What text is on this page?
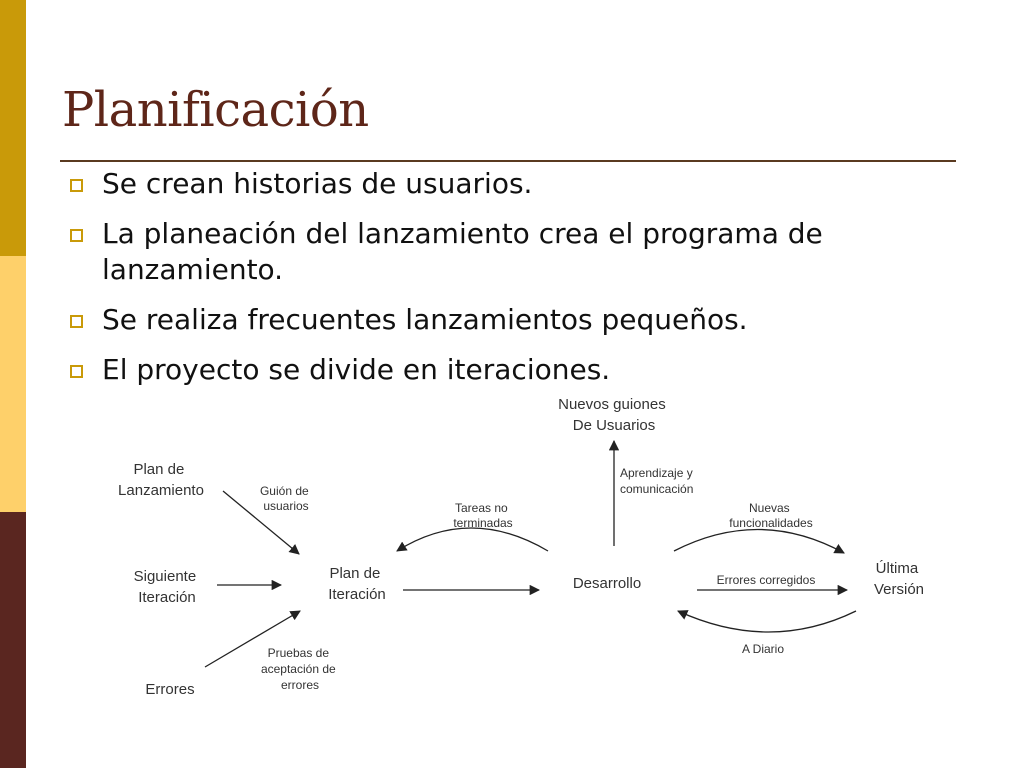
Planificación
Se crean historias de usuarios.
La planeación del lanzamiento crea el programa de lanzamiento.
Se realiza frecuentes lanzamientos pequeños.
El proyecto se divide en iteraciones.
Plan de Lanzamiento
Siguiente Iteración
Errores
Plan de Iteración
Desarrollo
Última Versión
Nuevos guiones De Usuarios
Guión de usuarios
Pruebas de aceptación de errores
Tareas no terminadas
Aprendizaje y comunicación
Nuevas funcionalidades
Errores corregidos
A Diario
